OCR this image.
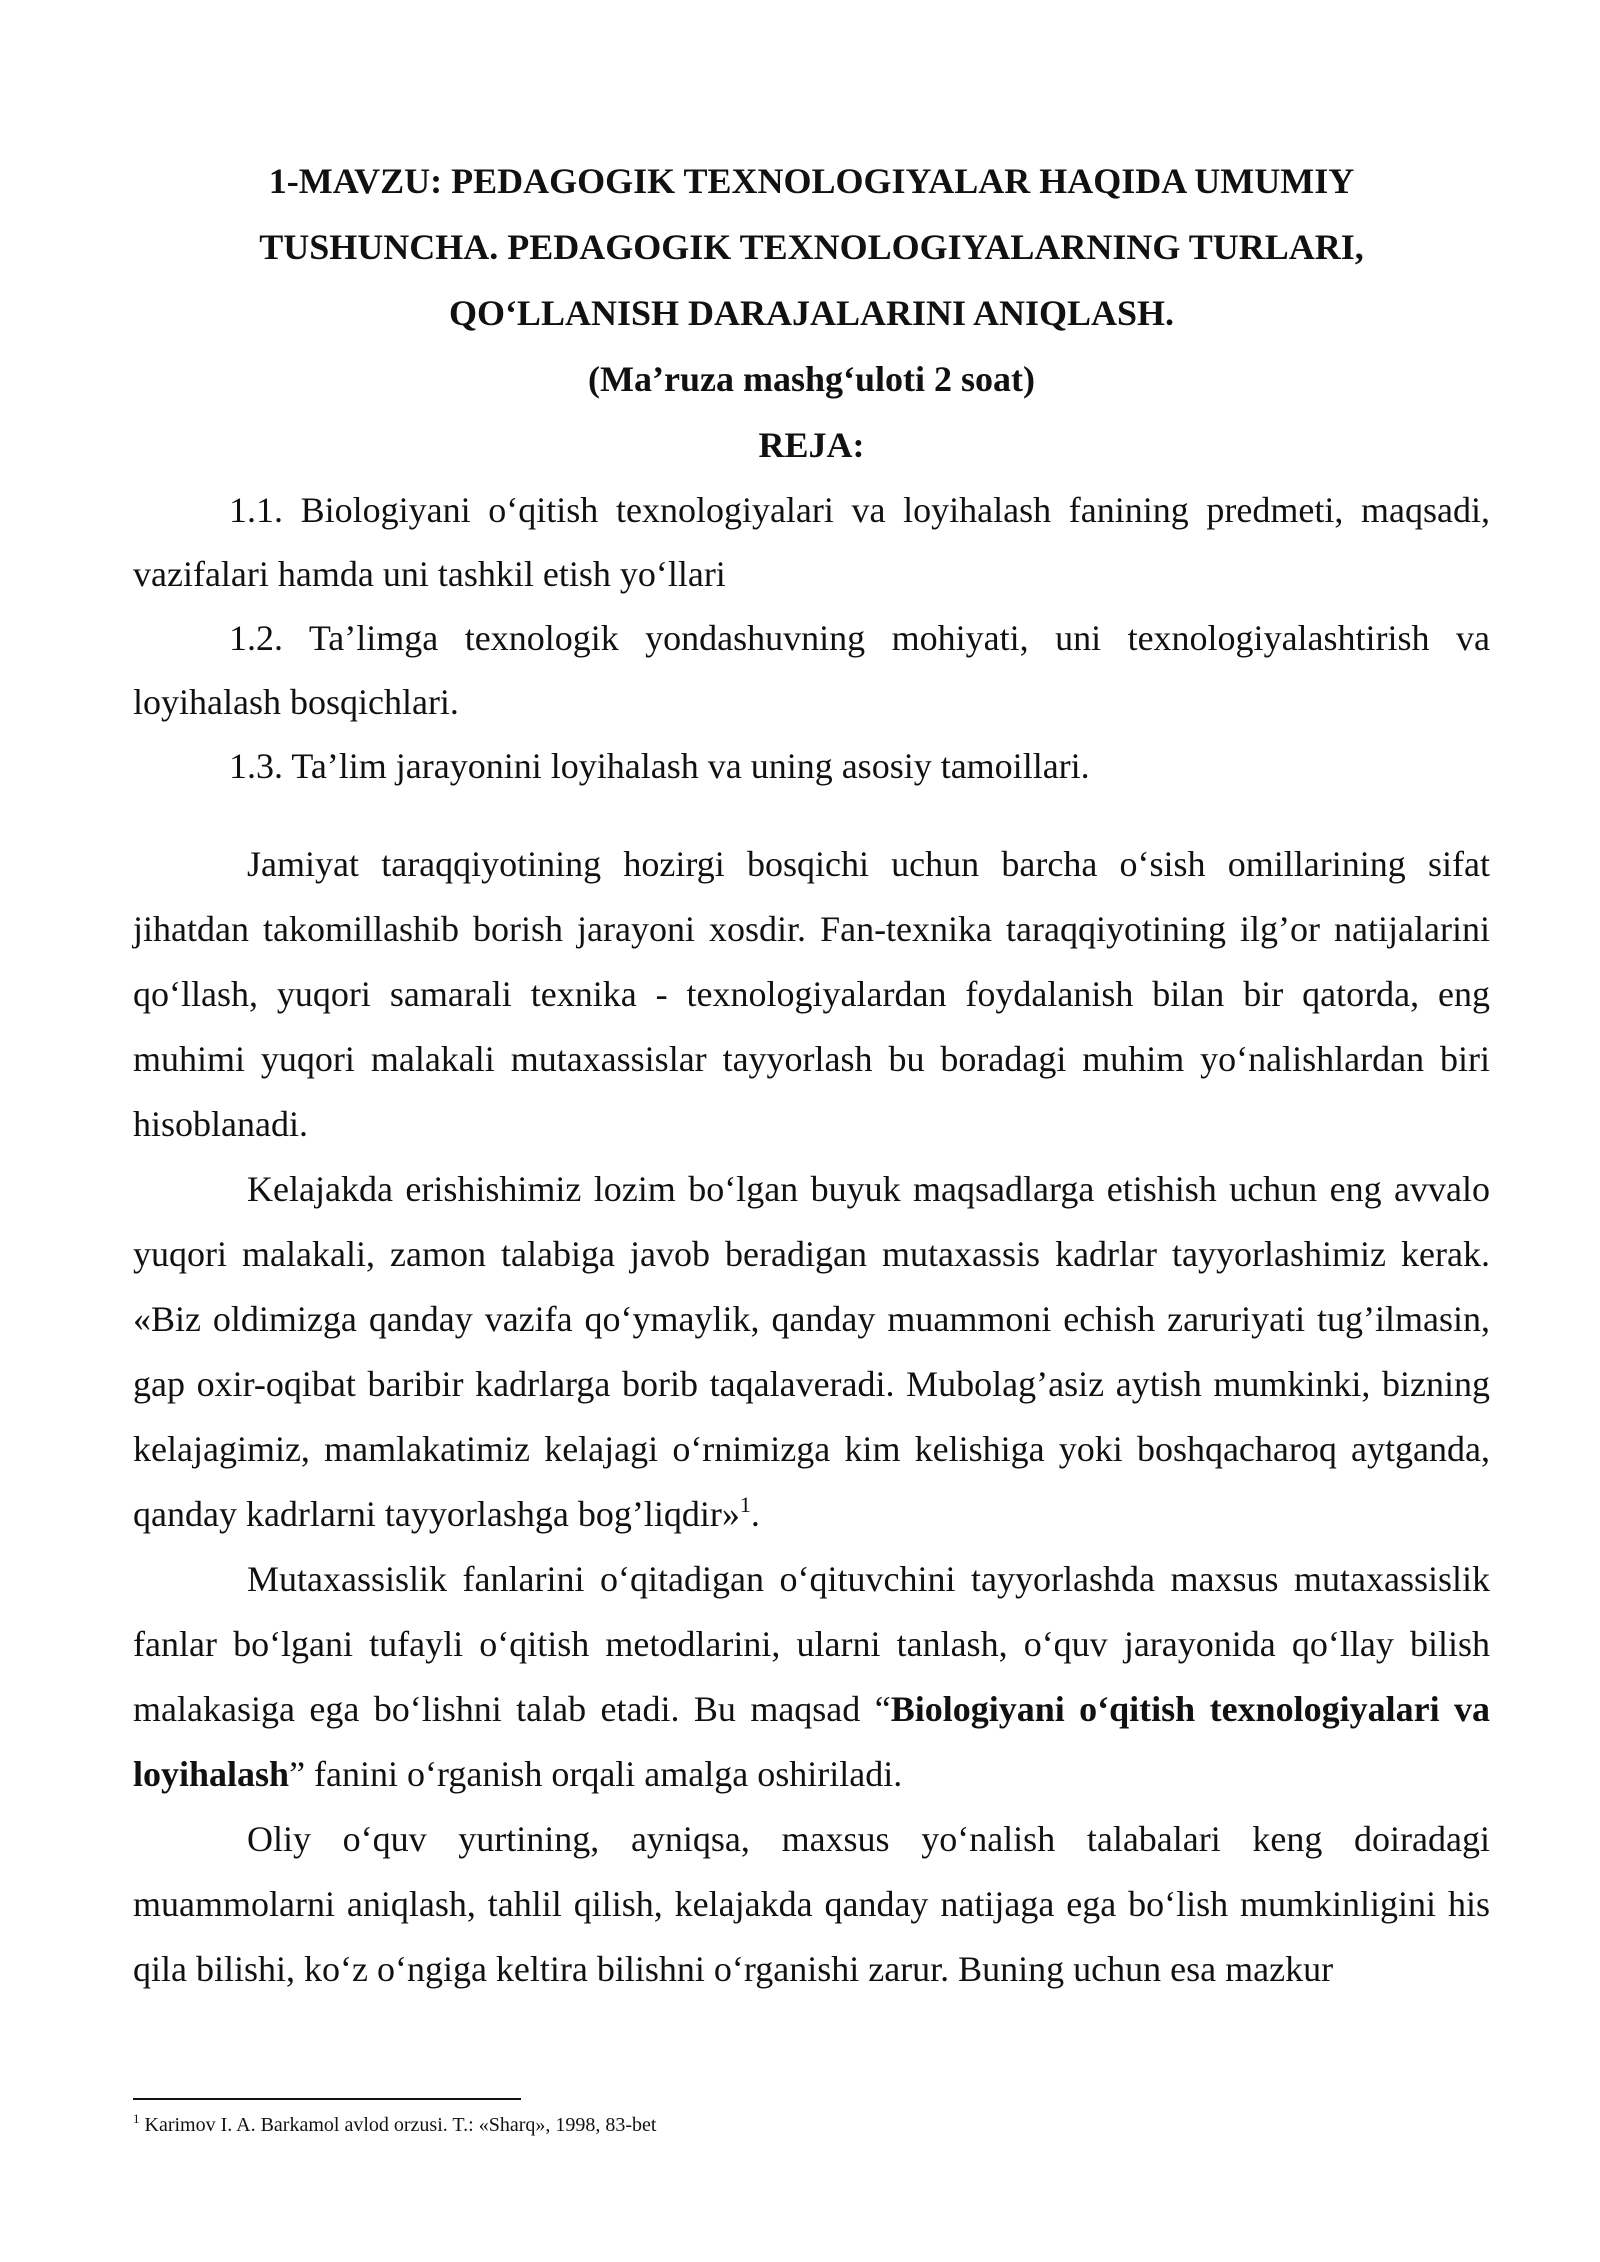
1-MAVZU: PEDAGOGIK TEXNOLOGIYALAR HAQIDA UMUMIY
TUSHUNCHA. PEDAGOGIK TEXNOLOGIYALARNING TURLARI,
QO‘LLANISH DARAJALARINI ANIQLASH.
(Ma’ruza mashg‘uloti 2 soat)
REJA:

1.1. Biologiyani o‘qitish texnologiyalari va loyihalash fanining predmeti, maqsadi, vazifalari hamda uni tashkil etish yo‘llari

1.2. Ta’limga texnologik yondashuvning mohiyati, uni texnologiyalashtirish va loyihalash bosqichlari.

1.3. Ta’lim jarayonini loyihalash va uning asosiy tamoillari.

Jamiyat taraqqiyotining hozirgi bosqichi uchun barcha o‘sish omillarining sifat jihatdan takomillashib borish jarayoni xosdir. Fan-texnika taraqqiyotining ilg’or natijalarini qo‘llash, yuqori samarali texnika - texnologiyalardan foydalanish bilan bir qatorda, eng muhimi yuqori malakali mutaxassislar tayyorlash bu boradagi muhim yo‘nalishlardan biri hisoblanadi.

Kelajakda erishishimiz lozim bo‘lgan buyuk maqsadlarga etishish uchun eng avvalo yuqori malakali, zamon talabiga javob beradigan mutaxassis kadrlar tayyorlashimiz kerak. «Biz oldimizga qanday vazifa qo‘ymaylik, qanday muammoni echish zaruriyati tug’ilmasin, gap oxir-oqibat baribir kadrlarga borib taqalaveradi. Mubolag’asiz aytish mumkinki, bizning kelajagimiz, mamlakatimiz kelajagi o‘rnimizga kim kelishiga yoki boshqacharoq aytganda, qanday kadrlarni tayyorlashga bog’liqdir»$^1$.

Mutaxassislik fanlarini o‘qitadigan o‘qituvchini tayyorlashda maxsus mutaxassislik fanlar bo‘lgani tufayli o‘qitish metodlarini, ularni tanlash, o‘quv jarayonida qo‘llay bilish malakasiga ega bo‘lishni talab etadi. Bu maqsad “Biologiyani o‘qitish texnologiyalari va loyihalash” fanini o‘rganish orqali amalga oshiriladi.

Oliy o‘quv yurtining, ayniqsa, maxsus yo‘nalish talabalari keng doiradagi muammolarni aniqlash, tahlil qilish, kelajakda qanday natijaga ega bo‘lish mumkinligini his qila bilishi, ko‘z o‘ngiga keltira bilishni o‘rganishi zarur. Buning uchun esa mazkur

$^1$ Karimov I. A. Barkamol avlod orzusi. T.: «Sharq», 1998, 83-bet
